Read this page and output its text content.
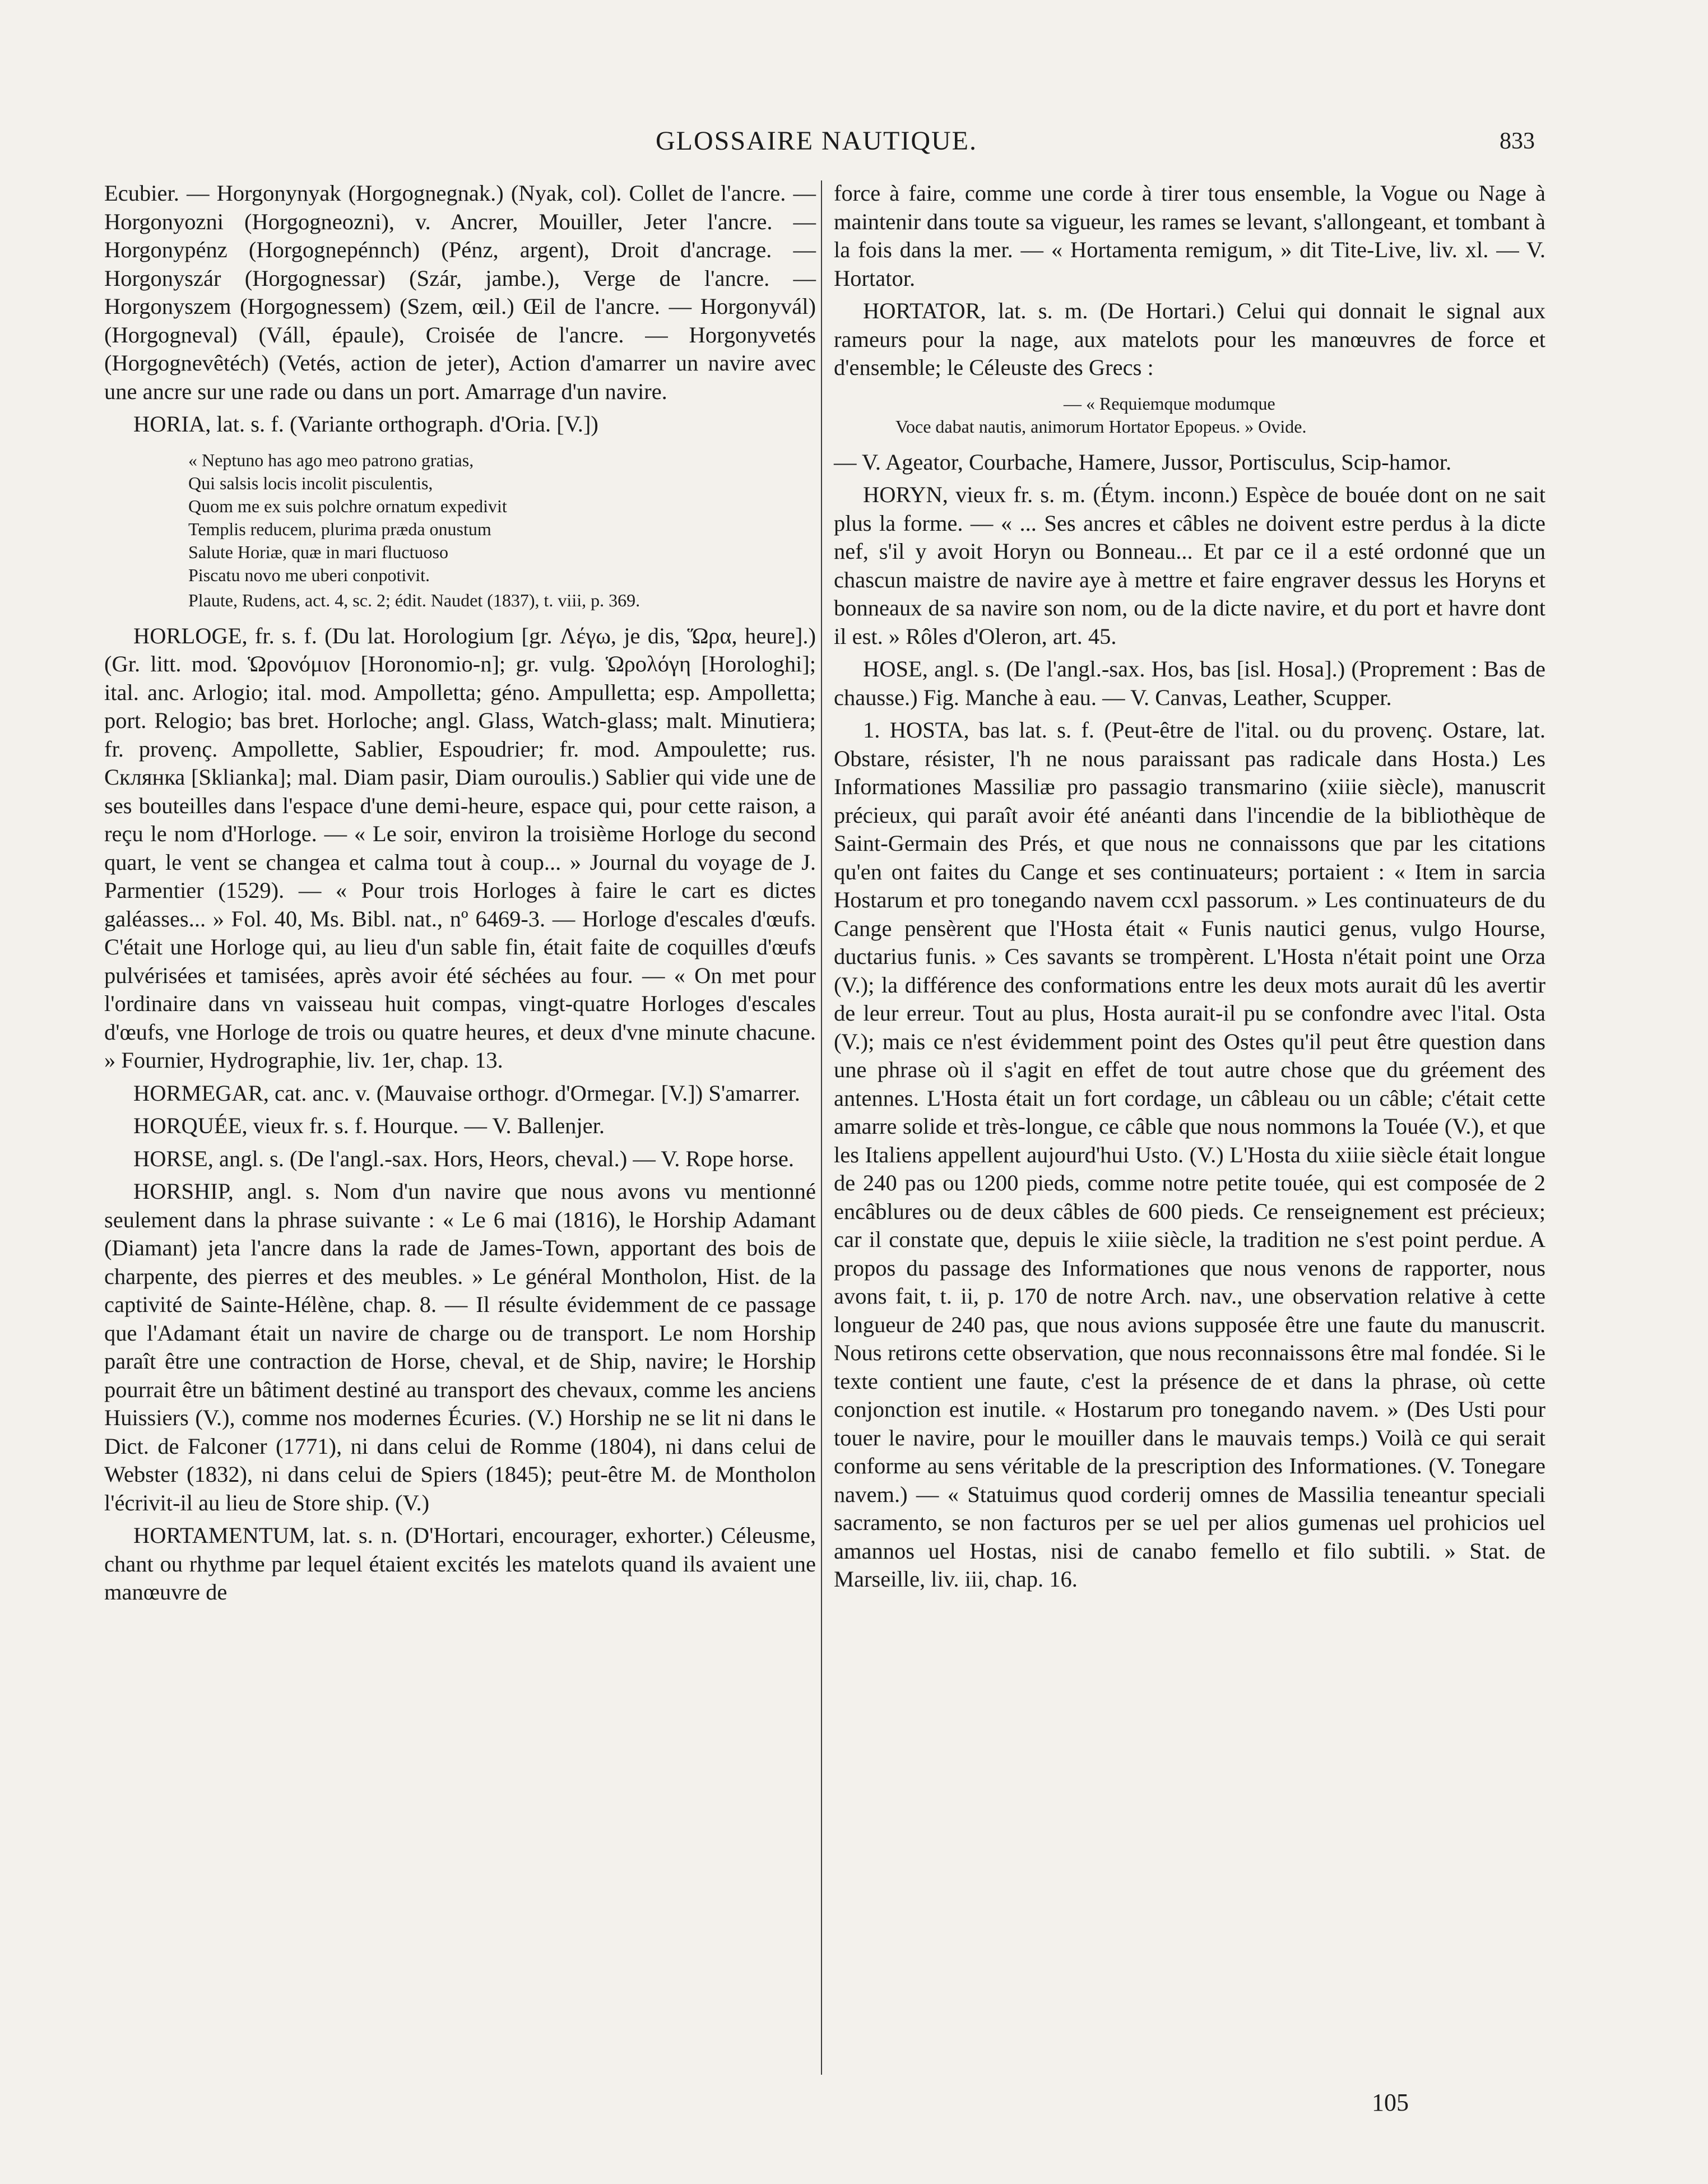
GLOSSAIRE NAUTIQUE.	833

Ecubier. — Horgonynyak (Horgognegnak.) (Nyak, col). Collet de l'ancre. — Horgonyozni (Horgogneozni), v. Ancrer, Mouiller, Jeter l'ancre. — Horgonypénz (Horgognepénnch) (Pénz, argent), Droit d'ancrage. — Horgonyszár (Horgognessar) (Szár, jambe.), Verge de l'ancre. — Horgonyszem (Horgognessem) (Szem, œil.) Œil de l'ancre. — Horgonyvál) (Horgogneval) (Váll, épaule), Croisée de l'ancre. — Horgonyvetés (Horgognevêtéch) (Vetés, action de jeter), Action d'amarrer un navire avec une ancre sur une rade ou dans un port. Amarrage d'un navire.

HORIA, lat. s. f. (Variante orthograph. d'Oria. [V.])

« Neptuno has ago meo patrono gratias,
Qui salsis locis incolit pisculentis,
Quom me ex suis polchre ornatum expedivit
Templis reducem, plurima præda onustum
Salute Horiæ, quæ in mari fluctuoso
Piscatu novo me uberi conpotivit.
Plaute, Rudens, act. 4, sc. 2; édit. Naudet (1837), t. viii, p. 369.

HORLOGE, fr. s. f. (Du lat. Horologium [gr. Λέγω, je dis, Ὥρα, heure].) (Gr. litt. mod. Ὡρονόμιον [Horonomio-n]; gr. vulg. Ὡρολόγη [Horologhi]; ital. anc. Arlogio; ital. mod. Ampolletta; géno. Ampulletta; esp. Ampolletta; port. Relogio; bas bret. Horloche; angl. Glass, Watch-glass; malt. Minutiera; fr. provenç. Ampollette, Sablier, Espoudrier; fr. mod. Ampoulette; rus. Склянка [Sklianka]; mal. Diam pasir, Diam ouroulis.) Sablier qui vide une de ses bouteilles dans l'espace d'une demi-heure, espace qui, pour cette raison, a reçu le nom d'Horloge. — « Le soir, environ la troisième Horloge du second quart, le vent se changea et calma tout à coup... » Journal du voyage de J. Parmentier (1529). — « Pour trois Horloges à faire le cart es dictes galéasses... » Fol. 40, Ms. Bibl. nat., nº 6469-3. — Horloge d'escales d'œufs. C'était une Horloge qui, au lieu d'un sable fin, était faite de coquilles d'œufs pulvérisées et tamisées, après avoir été séchées au four. — « On met pour l'ordinaire dans vn vaisseau huit compas, vingt-quatre Horloges d'escales d'œufs, vne Horloge de trois ou quatre heures, et deux d'vne minute chacune. » Fournier, Hydrographie, liv. 1er, chap. 13.

HORMEGAR, cat. anc. v. (Mauvaise orthogr. d'Ormegar. [V.]) S'amarrer.

HORQUÉE, vieux fr. s. f. Hourque. — V. Ballenjer.

HORSE, angl. s. (De l'angl.-sax. Hors, Heors, cheval.) — V. Rope horse.

HORSHIP, angl. s. Nom d'un navire que nous avons vu mentionné seulement dans la phrase suivante : « Le 6 mai (1816), le Horship Adamant (Diamant) jeta l'ancre dans la rade de James-Town, apportant des bois de charpente, des pierres et des meubles. » Le général Montholon, Hist. de la captivité de Sainte-Hélène, chap. 8. — Il résulte évidemment de ce passage que l'Adamant était un navire de charge ou de transport. Le nom Horship paraît être une contraction de Horse, cheval, et de Ship, navire; le Horship pourrait être un bâtiment destiné au transport des chevaux, comme les anciens Huissiers (V.), comme nos modernes Écuries. (V.) Horship ne se lit ni dans le Dict. de Falconer (1771), ni dans celui de Romme (1804), ni dans celui de Webster (1832), ni dans celui de Spiers (1845); peut-être M. de Montholon l'écrivit-il au lieu de Store ship. (V.)

HORTAMENTUM, lat. s. n. (D'Hortari, encourager, exhorter.) Céleusme, chant ou rhythme par lequel étaient excités les matelots quand ils avaient une manœuvre de

force à faire, comme une corde à tirer tous ensemble, la Vogue ou Nage à maintenir dans toute sa vigueur, les rames se levant, s'allongeant, et tombant à la fois dans la mer. — « Hortamenta remigum, » dit Tite-Live, liv. xl. — V. Hortator.

HORTATOR, lat. s. m. (De Hortari.) Celui qui donnait le signal aux rameurs pour la nage, aux matelots pour les manœuvres de force et d'ensemble; le Céleuste des Grecs :

— « Requiemque modumque
Voce dabat nautis, animorum Hortator Epopeus. » Ovide.

— V. Ageator, Courbache, Hamere, Jussor, Portisculus, Scip-hamor.

HORYN, vieux fr. s. m. (Étym. inconn.) Espèce de bouée dont on ne sait plus la forme. — « ... Ses ancres et câbles ne doivent estre perdus à la dicte nef, s'il y avoit Horyn ou Bonneau... Et par ce il a esté ordonné que un chascun maistre de navire aye à mettre et faire engraver dessus les Horyns et bonneaux de sa navire son nom, ou de la dicte navire, et du port et havre dont il est. » Rôles d'Oleron, art. 45.

HOSE, angl. s. (De l'angl.-sax. Hos, bas [isl. Hosa].) (Proprement : Bas de chausse.) Fig. Manche à eau. — V. Canvas, Leather, Scupper.

1. HOSTA, bas lat. s. f. (Peut-être de l'ital. ou du provenç. Ostare, lat. Obstare, résister, l'h ne nous paraissant pas radicale dans Hosta.) Les Informationes Massiliæ pro passagio transmarino (xiiie siècle), manuscrit précieux, qui paraît avoir été anéanti dans l'incendie de la bibliothèque de Saint-Germain des Prés, et que nous ne connaissons que par les citations qu'en ont faites du Cange et ses continuateurs; portaient : « Item in sarcia Hostarum et pro tonegando navem ccxl passorum. » Les continuateurs de du Cange pensèrent que l'Hosta était « Funis nautici genus, vulgo Hourse, ductarius funis. » Ces savants se trompèrent. L'Hosta n'était point une Orza (V.); la différence des conformations entre les deux mots aurait dû les avertir de leur erreur. Tout au plus, Hosta aurait-il pu se confondre avec l'ital. Osta (V.); mais ce n'est évidemment point des Ostes qu'il peut être question dans une phrase où il s'agit en effet de tout autre chose que du gréement des antennes. L'Hosta était un fort cordage, un câbleau ou un câble; c'était cette amarre solide et très-longue, ce câble que nous nommons la Touée (V.), et que les Italiens appellent aujourd'hui Usto. (V.) L'Hosta du xiiie siècle était longue de 240 pas ou 1200 pieds, comme notre petite touée, qui est composée de 2 encâblures ou de deux câbles de 600 pieds. Ce renseignement est précieux; car il constate que, depuis le xiiie siècle, la tradition ne s'est point perdue. A propos du passage des Informationes que nous venons de rapporter, nous avons fait, t. ii, p. 170 de notre Arch. nav., une observation relative à cette longueur de 240 pas, que nous avions supposée être une faute du manuscrit. Nous retirons cette observation, que nous reconnaissons être mal fondée. Si le texte contient une faute, c'est la présence de et dans la phrase, où cette conjonction est inutile. « Hostarum pro tonegando navem. » (Des Usti pour touer le navire, pour le mouiller dans le mauvais temps.) Voilà ce qui serait conforme au sens véritable de la prescription des Informationes. (V. Tonegare navem.) — « Statuimus quod corderij omnes de Massilia teneantur speciali sacramento, se non facturos per se uel per alios gumenas uel prohicios uel amannos uel Hostas, nisi de canabo femello et filo subtili. » Stat. de Marseille, liv. iii, chap. 16.

105
